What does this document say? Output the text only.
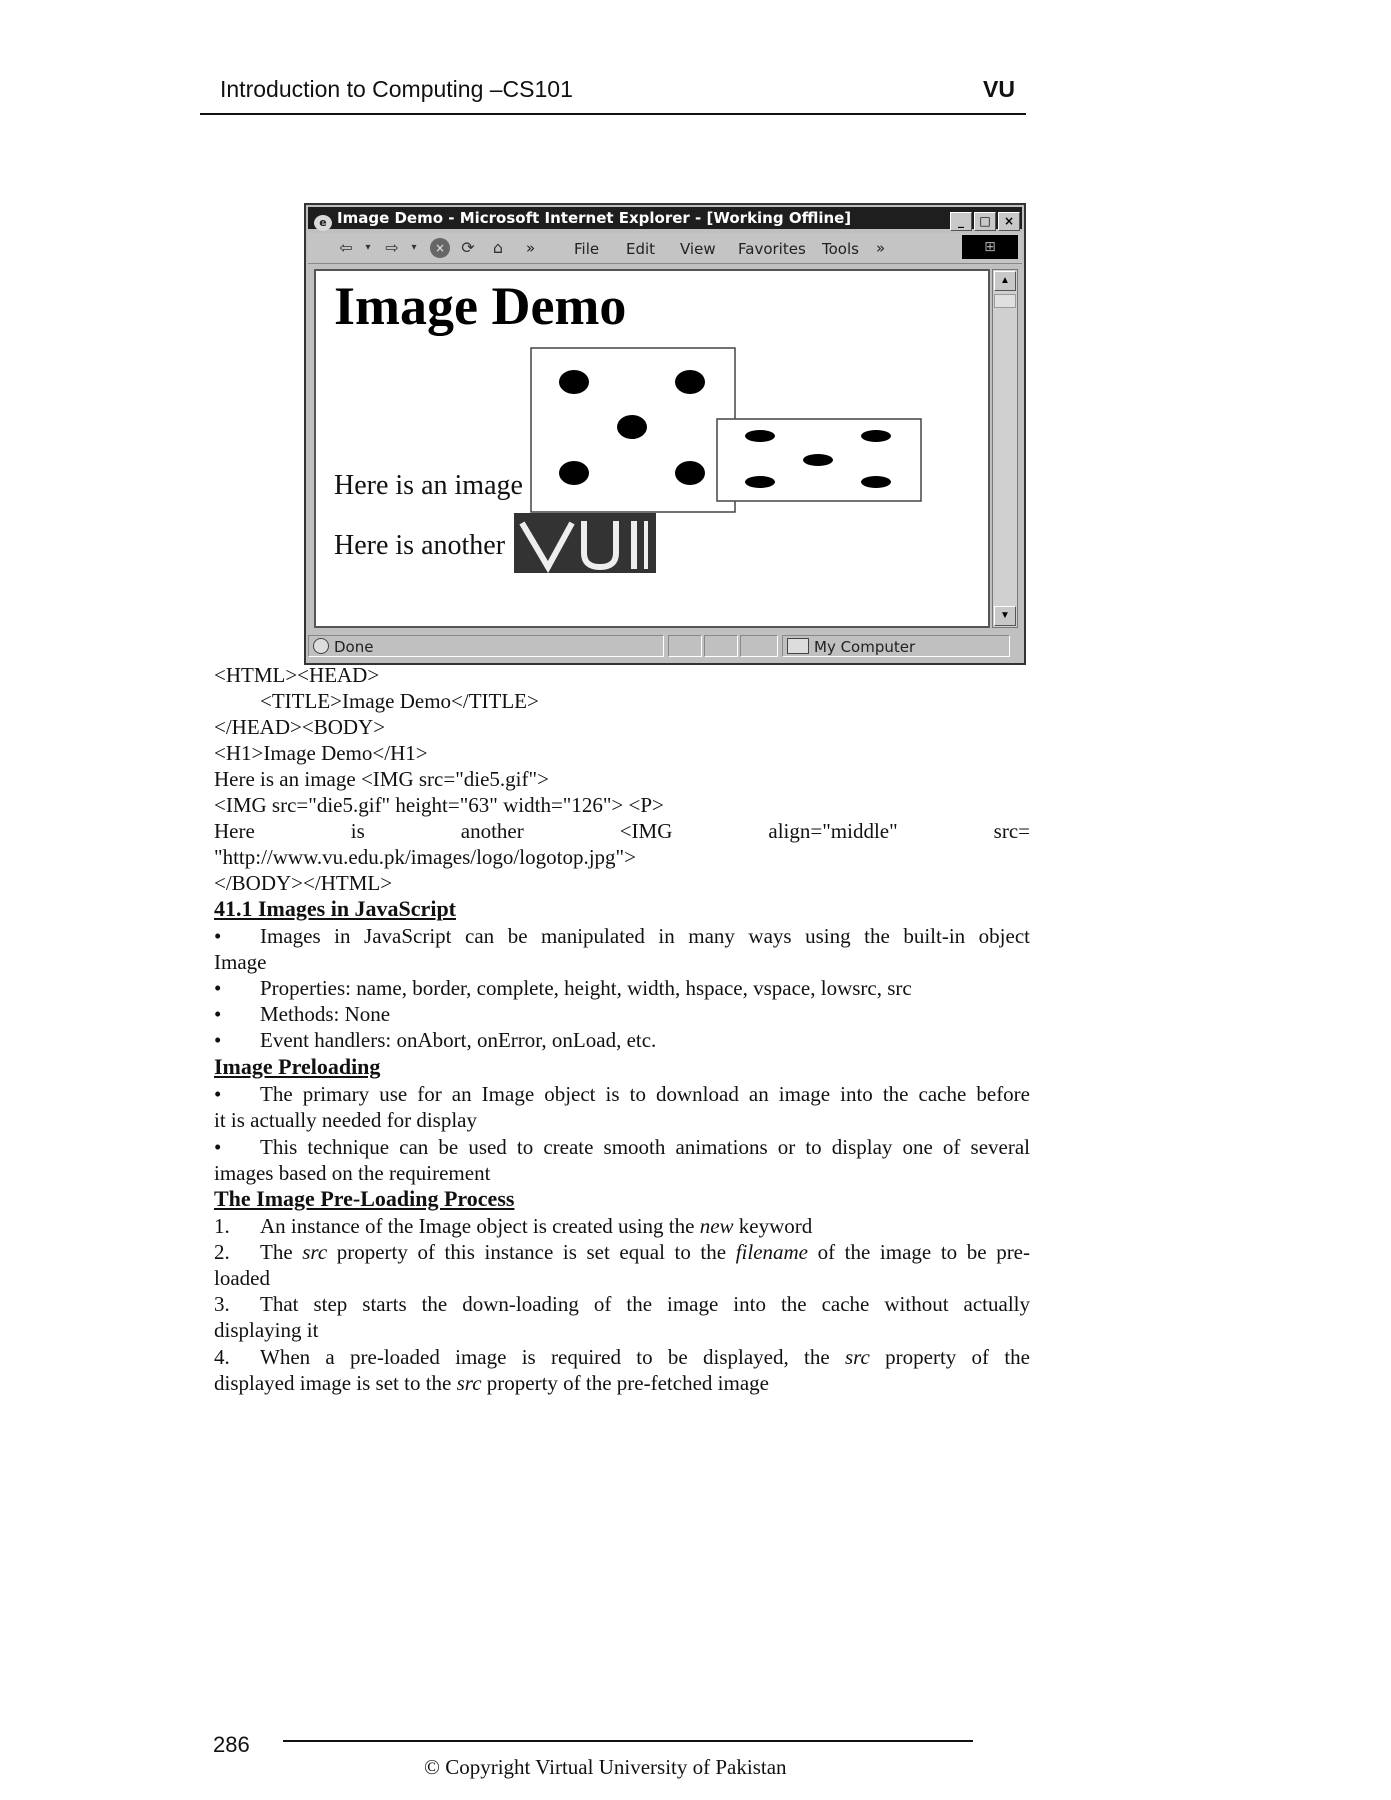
Introduction to Computing –CS101	VU
e Image Demo - Microsoft Internet Explorer - [Working Offline]	_ □ ×
⇦	▾ ⇨	▾	×	⟳	⌂	»	File Edit View Favorites Tools »	⊞
Image Demo
Here is an image
Here is another
▲
▼
Done	My Computer
<HTML><HEAD>
<TITLE>Image Demo</TITLE>
</HEAD><BODY>
<H1>Image Demo</H1>
Here is an image <IMG src="die5.gif">
<IMG src="die5.gif" height="63" width="126"> <P>
Here	is	another	<IMG	align="middle"	src=
"http://www.vu.edu.pk/images/logo/logotop.jpg">
</BODY></HTML>
41.1 Images in JavaScript
• Images in JavaScript can be manipulated in many ways using the built-in object
Image
• Properties: name, border, complete, height, width, hspace, vspace, lowsrc, src
• Methods: None
• Event handlers: onAbort, onError, onLoad, etc.
Image Preloading
• The primary use for an Image object is to download an image into the cache before
it is actually needed for display
• This technique can be used to create smooth animations or to display one of several
images based on the requirement
The Image Pre-Loading Process
1. An instance of the Image object is created using the new keyword
2. The src property of this instance is set equal to the filename of the image to be pre-
loaded
3. That step starts the down-loading of the image into the cache without actually
displaying it
4. When a pre-loaded image is required to be displayed, the src property of the
displayed image is set to the src property of the pre-fetched image
286
© Copyright Virtual University of Pakistan
